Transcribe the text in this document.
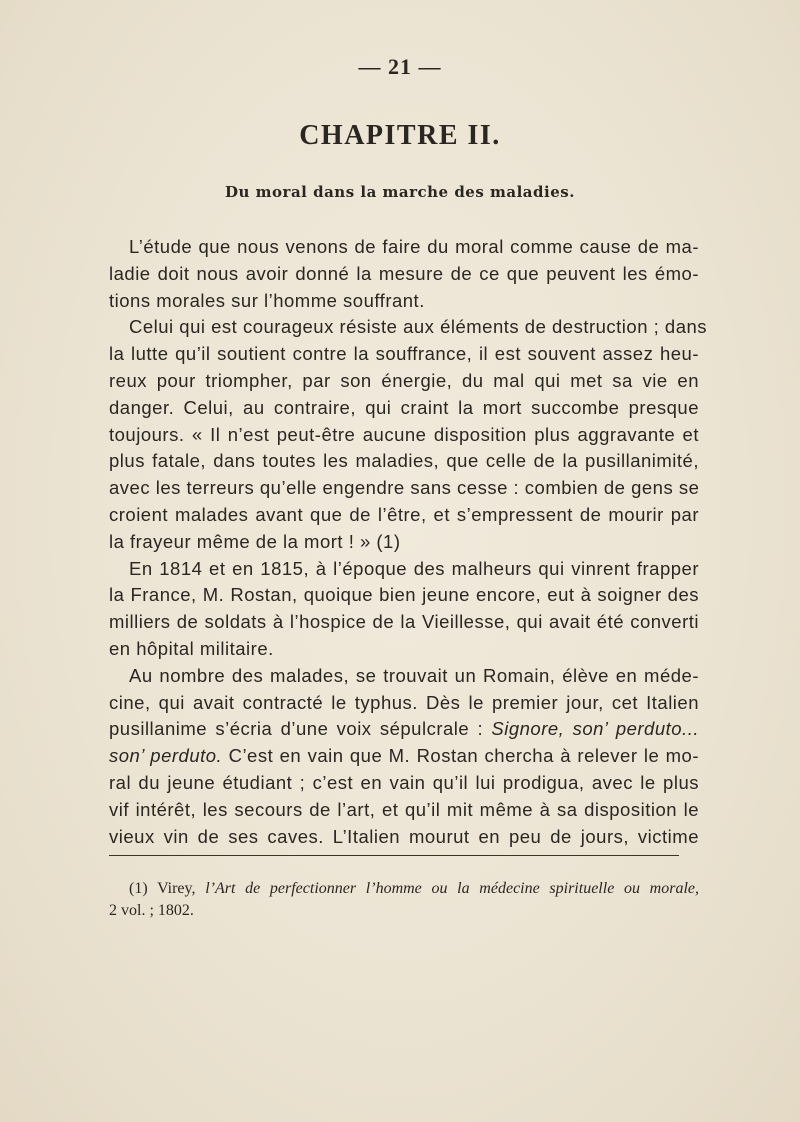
— 21 —
CHAPITRE II.
Du moral dans la marche des maladies.
L’étude que nous venons de faire du moral comme cause de ma-
ladie doit nous avoir donné la mesure de ce que peuvent les émo-
tions morales sur l’homme souffrant.
Celui qui est courageux résiste aux éléments de destruction ; dans
la lutte qu’il soutient contre la souffrance, il est souvent assez heu-
reux pour triompher, par son énergie, du mal qui met sa vie en
danger. Celui, au contraire, qui craint la mort succombe presque
toujours. « Il n’est peut-être aucune disposition plus aggravante et
plus fatale, dans toutes les maladies, que celle de la pusillanimité,
avec les terreurs qu’elle engendre sans cesse : combien de gens se
croient malades avant que de l’être, et s’empressent de mourir par
la frayeur même de la mort ! » (1)
En 1814 et en 1815, à l’époque des malheurs qui vinrent frapper
la France, M. Rostan, quoique bien jeune encore, eut à soigner des
milliers de soldats à l’hospice de la Vieillesse, qui avait été converti
en hôpital militaire.
Au nombre des malades, se trouvait un Romain, élève en méde-
cine, qui avait contracté le typhus. Dès le premier jour, cet Italien
pusillanime s’écria d’une voix sépulcrale : Signore, son’ perduto...
son’ perduto. C’est en vain que M. Rostan chercha à relever le mo-
ral du jeune étudiant ; c’est en vain qu’il lui prodigua, avec le plus
vif intérêt, les secours de l’art, et qu’il mit même à sa disposition le
vieux vin de ses caves. L’Italien mourut en peu de jours, victime
(1) Virey, l’Art de perfectionner l’homme ou la médecine spirituelle ou morale,
2 vol. ; 1802.
